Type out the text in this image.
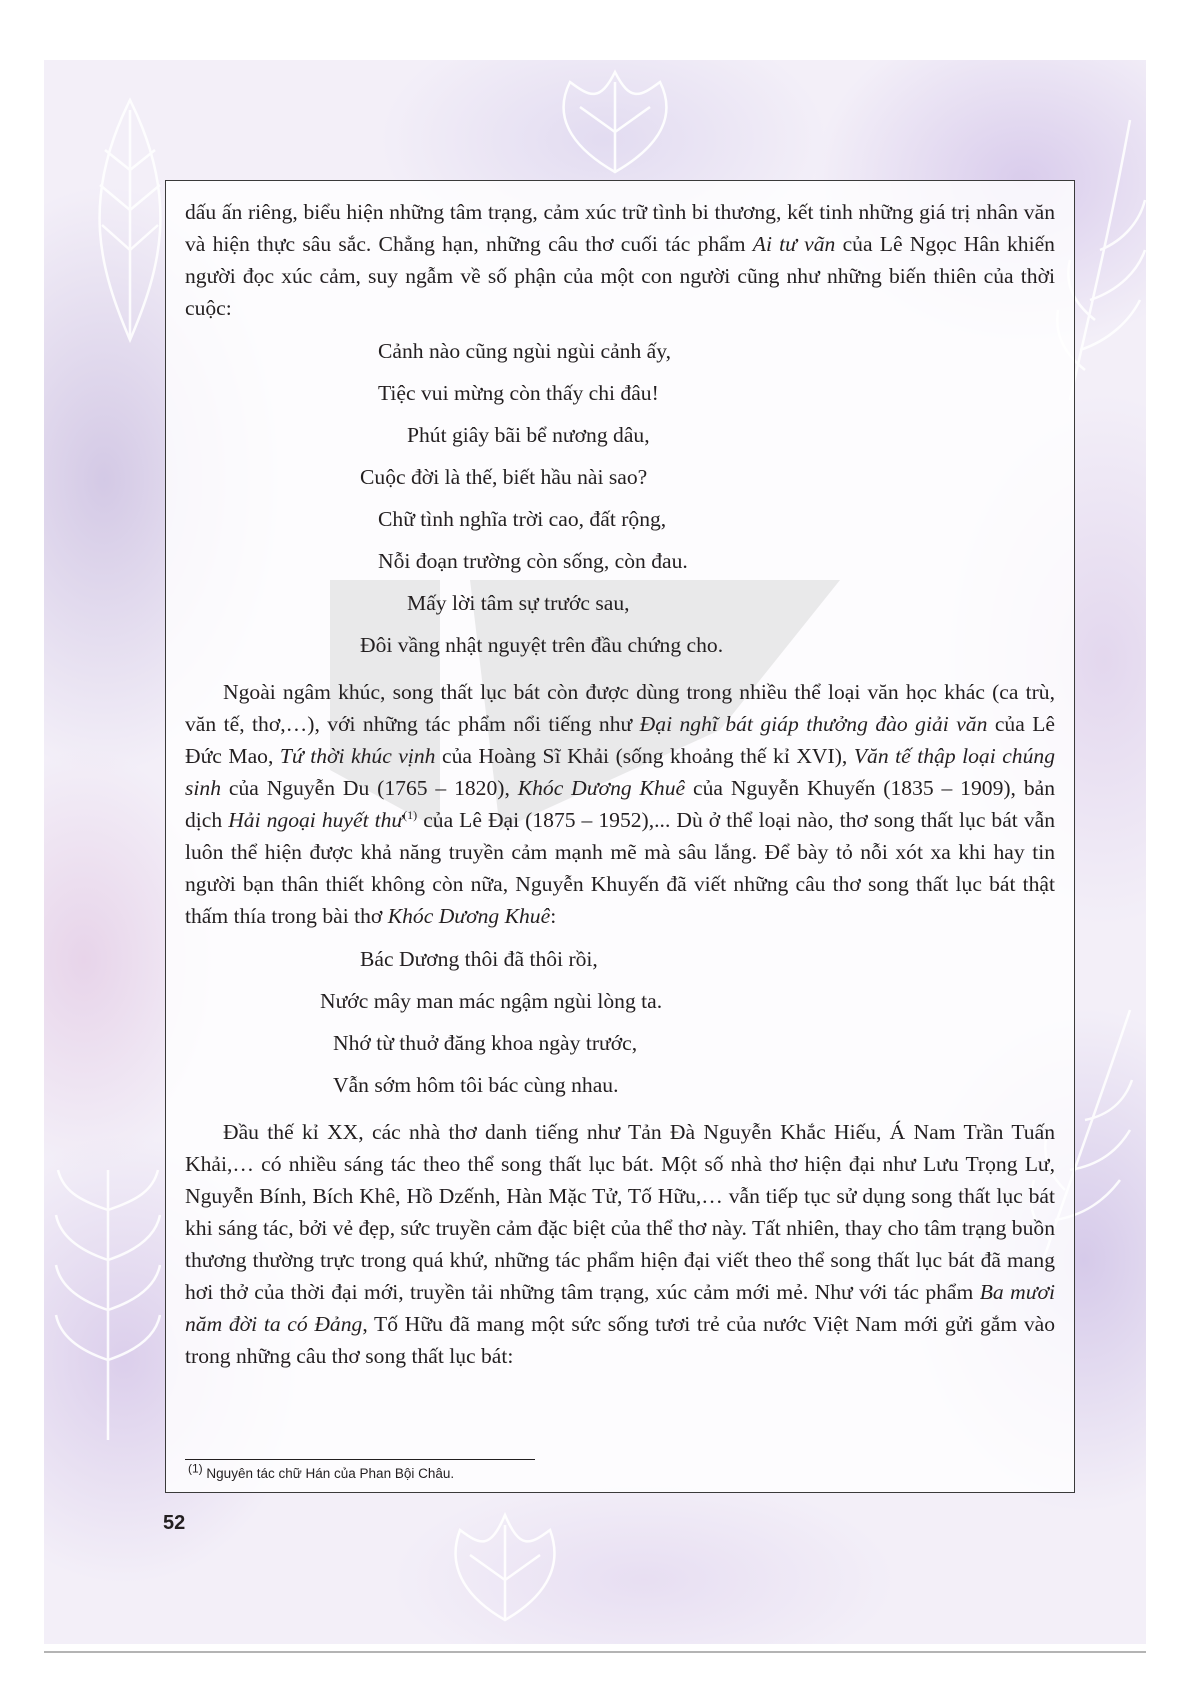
dấu ấn riêng, biểu hiện những tâm trạng, cảm xúc trữ tình bi thương, kết tinh những giá trị nhân văn và hiện thực sâu sắc. Chẳng hạn, những câu thơ cuối tác phẩm Ai tư vãn của Lê Ngọc Hân khiến người đọc xúc cảm, suy ngẫm về số phận của một con người cũng như những biến thiên của thời cuộc:

Cảnh nào cũng ngùi ngùi cảnh ấy,
Tiệc vui mừng còn thấy chi đâu!
Phút giây bãi bể nương dâu,
Cuộc đời là thế, biết hầu nài sao?
Chữ tình nghĩa trời cao, đất rộng,
Nỗi đoạn trường còn sống, còn đau.
Mấy lời tâm sự trước sau,
Đôi vầng nhật nguyệt trên đầu chứng cho.

Ngoài ngâm khúc, song thất lục bát còn được dùng trong nhiều thể loại văn học khác (ca trù, văn tế, thơ,…), với những tác phẩm nổi tiếng như Đại nghĩ bát giáp thưởng đào giải văn của Lê Đức Mao, Tứ thời khúc vịnh của Hoàng Sĩ Khải (sống khoảng thế kỉ XVI), Văn tế thập loại chúng sinh của Nguyễn Du (1765 – 1820), Khóc Dương Khuê của Nguyễn Khuyến (1835 – 1909), bản dịch Hải ngoại huyết thư$^{(1)}$ của Lê Đại (1875 – 1952),... Dù ở thể loại nào, thơ song thất lục bát vẫn luôn thể hiện được khả năng truyền cảm mạnh mẽ mà sâu lắng. Để bày tỏ nỗi xót xa khi hay tin người bạn thân thiết không còn nữa, Nguyễn Khuyến đã viết những câu thơ song thất lục bát thật thấm thía trong bài thơ Khóc Dương Khuê:

Bác Dương thôi đã thôi rồi,
Nước mây man mác ngậm ngùi lòng ta.
Nhớ từ thuở đăng khoa ngày trước,
Vẫn sớm hôm tôi bác cùng nhau.

Đầu thế kỉ XX, các nhà thơ danh tiếng như Tản Đà Nguyễn Khắc Hiếu, Á Nam Trần Tuấn Khải,… có nhiều sáng tác theo thể song thất lục bát. Một số nhà thơ hiện đại như Lưu Trọng Lư, Nguyễn Bính, Bích Khê, Hồ Dzếnh, Hàn Mặc Tử, Tố Hữu,… vẫn tiếp tục sử dụng song thất lục bát khi sáng tác, bởi vẻ đẹp, sức truyền cảm đặc biệt của thể thơ này. Tất nhiên, thay cho tâm trạng buồn thương thường trực trong quá khứ, những tác phẩm hiện đại viết theo thể song thất lục bát đã mang hơi thở của thời đại mới, truyền tải những tâm trạng, xúc cảm mới mẻ. Như với tác phẩm Ba mươi năm đời ta có Đảng, Tố Hữu đã mang một sức sống tươi trẻ của nước Việt Nam mới gửi gắm vào trong những câu thơ song thất lục bát:

$^{(1)}$ Nguyên tác chữ Hán của Phan Bội Châu.
52
